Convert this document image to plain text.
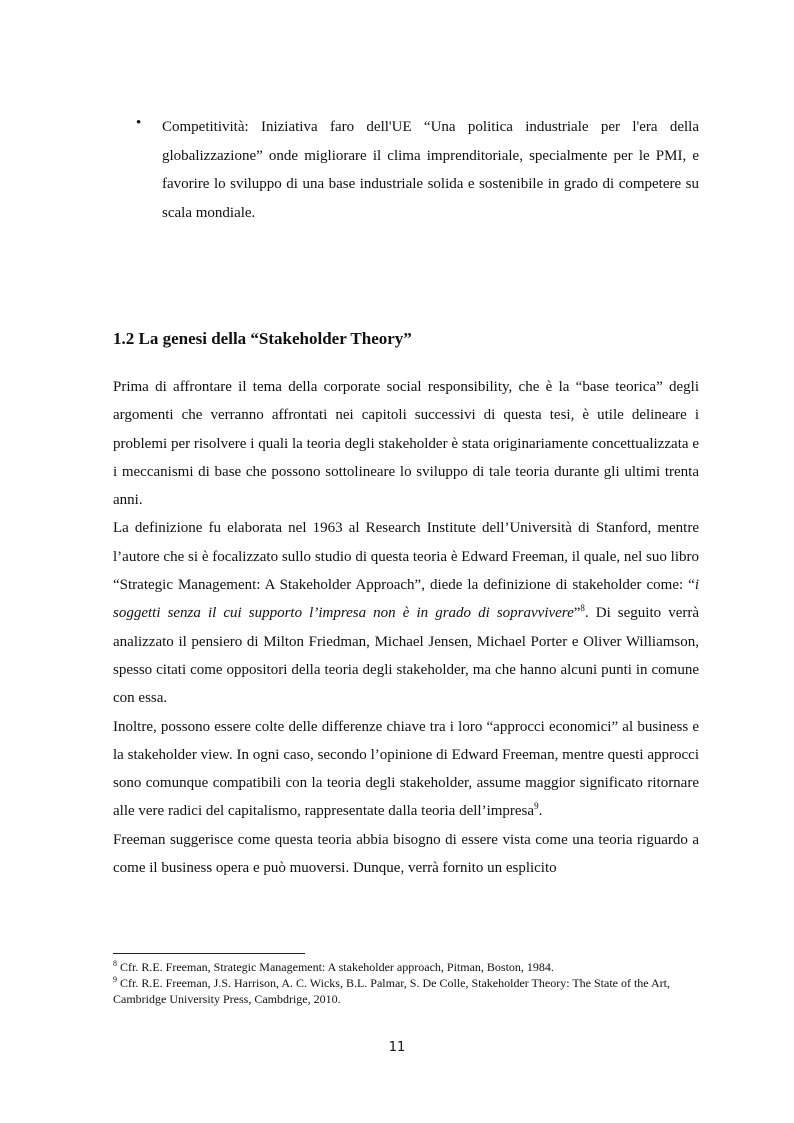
• Competitività: Iniziativa faro dell'UE “Una politica industriale per l'era della globalizzazione” onde migliorare il clima imprenditoriale, specialmente per le PMI, e favorire lo sviluppo di una base industriale solida e sostenibile in grado di competere su scala mondiale.

1.2 La genesi della “Stakeholder Theory”

Prima di affrontare il tema della corporate social responsibility, che è la “base teorica” degli argomenti che verranno affrontati nei capitoli successivi di questa tesi, è utile delineare i problemi per risolvere i quali la teoria degli stakeholder è stata originariamente concettualizzata e i meccanismi di base che possono sottolineare lo sviluppo di tale teoria durante gli ultimi trenta anni.

La definizione fu elaborata nel 1963 al Research Institute dell’Università di Stanford, mentre l’autore che si è focalizzato sullo studio di questa teoria è Edward Freeman, il quale, nel suo libro “Strategic Management: A Stakeholder Approach”, diede la definizione di stakeholder come: “i soggetti senza il cui supporto l’impresa non è in grado di sopravvivere”$^8$. Di seguito verrà analizzato il pensiero di Milton Friedman, Michael Jensen, Michael Porter e Oliver Williamson, spesso citati come oppositori della teoria degli stakeholder, ma che hanno alcuni punti in comune con essa.

Inoltre, possono essere colte delle differenze chiave tra i loro “approcci economici” al business e la stakeholder view. In ogni caso, secondo l’opinione di Edward Freeman, mentre questi approcci sono comunque compatibili con la teoria degli stakeholder, assume maggior significato ritornare alle vere radici del capitalismo, rappresentate dalla teoria dell’impresa$^9$.

Freeman suggerisce come questa teoria abbia bisogno di essere vista come una teoria riguardo a come il business opera e può muoversi. Dunque, verrà fornito un esplicito

$^8$ Cfr. R.E. Freeman, Strategic Management: A stakeholder approach, Pitman, Boston, 1984.

$^9$ Cfr. R.E. Freeman, J.S. Harrison, A. C. Wicks, B.L. Palmar, S. De Colle, Stakeholder Theory: The State of the Art, Cambridge University Press, Cambdrige, 2010.

11
